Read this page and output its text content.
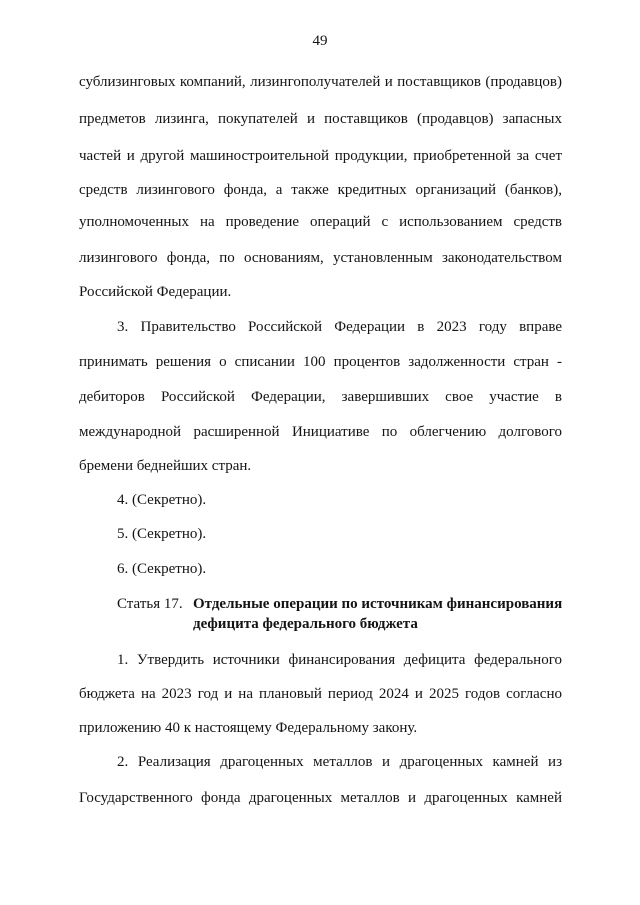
49
сублизинговых компаний, лизингополучателей и поставщиков (продавцов)
предметов лизинга, покупателей и поставщиков (продавцов) запасных
частей и другой машиностроительной продукции, приобретенной за счет
средств лизингового фонда, а также кредитных организаций (банков),
уполномоченных на проведение операций с использованием средств
лизингового фонда, по основаниям, установленным законодательством
Российской Федерации.
3. Правительство Российской Федерации в 2023 году вправе
принимать решения о списании 100 процентов задолженности стран -
дебиторов Российской Федерации, завершивших свое участие в
международной расширенной Инициативе по облегчению долгового
бремени беднейших стран.
4. (Секретно).
5. (Секретно).
6. (Секретно).
Статья 17. Отдельные операции по источникам финансирования дефицита федерального бюджета
1. Утвердить источники финансирования дефицита федерального
бюджета на 2023 год и на плановый период 2024 и 2025 годов согласно
приложению 40 к настоящему Федеральному закону.
2. Реализация драгоценных металлов и драгоценных камней из
Государственного фонда драгоценных металлов и драгоценных камней
